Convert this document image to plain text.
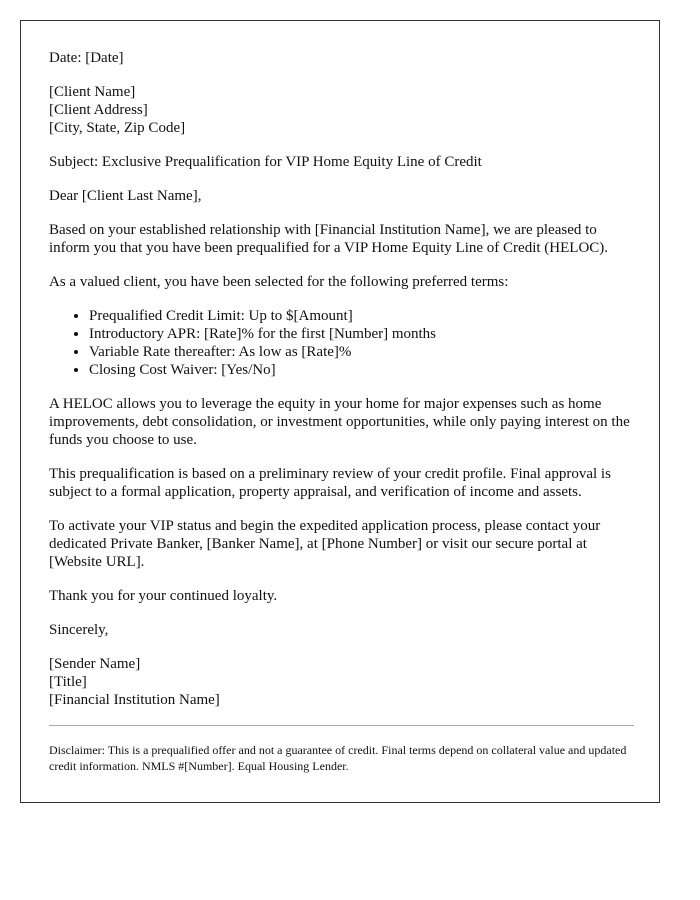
Date: [Date]

[Client Name]
[Client Address]
[City, State, Zip Code]

Subject: Exclusive Prequalification for VIP Home Equity Line of Credit

Dear [Client Last Name],

Based on your established relationship with [Financial Institution Name], we are pleased to inform you that you have been prequalified for a VIP Home Equity Line of Credit (HELOC).

As a valued client, you have been selected for the following preferred terms:

• Prequalified Credit Limit: Up to $[Amount]
• Introductory APR: [Rate]% for the first [Number] months
• Variable Rate thereafter: As low as [Rate]%
• Closing Cost Waiver: [Yes/No]

A HELOC allows you to leverage the equity in your home for major expenses such as home improvements, debt consolidation, or investment opportunities, while only paying interest on the funds you choose to use.

This prequalification is based on a preliminary review of your credit profile. Final approval is subject to a formal application, property appraisal, and verification of income and assets.

To activate your VIP status and begin the expedited application process, please contact your dedicated Private Banker, [Banker Name], at [Phone Number] or visit our secure portal at [Website URL].

Thank you for your continued loyalty.

Sincerely,

[Sender Name]
[Title]
[Financial Institution Name]

Disclaimer: This is a prequalified offer and not a guarantee of credit. Final terms depend on collateral value and updated credit information. NMLS #[Number]. Equal Housing Lender.
